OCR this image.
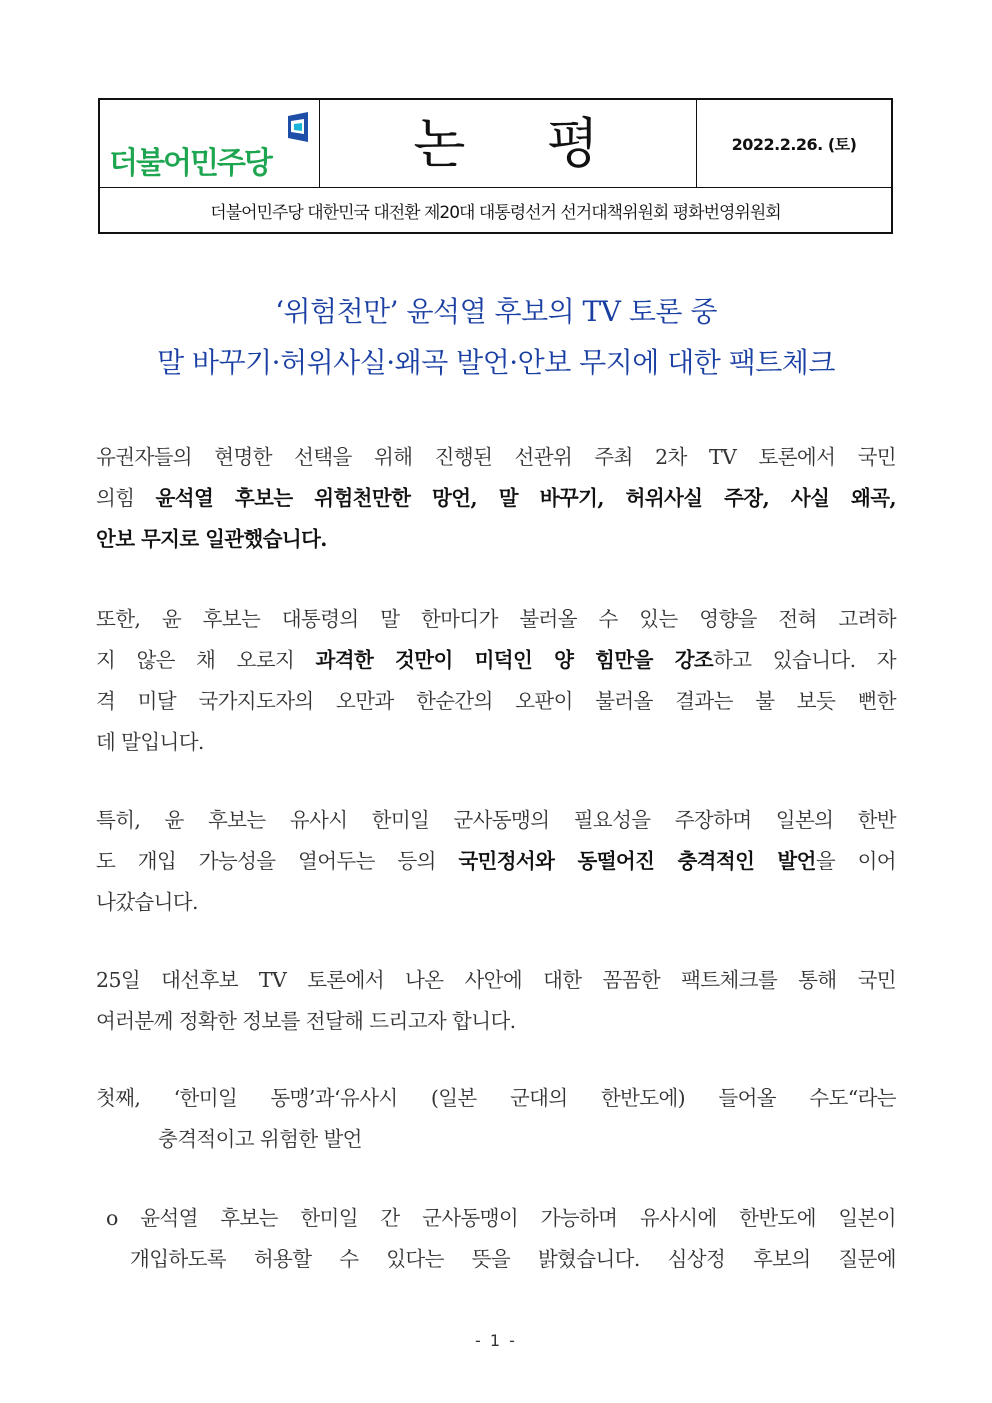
더불어민주당	논 평	2022.2.26. (토)
더불어민주당 대한민국 대전환 제20대 대통령선거 선거대책위원회 평화번영위원회
‘위험천만’ 윤석열 후보의 TV 토론 중
말 바꾸기·허위사실·왜곡 발언·안보 무지에 대한 팩트체크
유권자들의 현명한 선택을 위해 진행된 선관위 주최 2차 TV 토론에서 국민
의힘 윤석열 후보는 위험천만한 망언, 말 바꾸기, 허위사실 주장, 사실 왜곡,
안보 무지로 일관했습니다.
또한, 윤 후보는 대통령의 말 한마디가 불러올 수 있는 영향을 전혀 고려하
지 않은 채 오로지 과격한 것만이 미덕인 양 힘만을 강조하고 있습니다. 자
격 미달 국가지도자의 오만과 한순간의 오판이 불러올 결과는 불 보듯 뻔한
데 말입니다.
특히, 윤 후보는 유사시 한미일 군사동맹의 필요성을 주장하며 일본의 한반
도 개입 가능성을 열어두는 등의 국민정서와 동떨어진 충격적인 발언을 이어
나갔습니다.
25일 대선후보 TV 토론에서 나온 사안에 대한 꼼꼼한 팩트체크를 통해 국민
여러분께 정확한 정보를 전달해 드리고자 합니다.
첫째, ‘한미일 동맹’과‘유사시 (일본 군대의 한반도에) 들어올 수도“라는
충격적이고 위험한 발언
o 윤석열 후보는 한미일 간 군사동맹이 가능하며 유사시에 한반도에 일본이
개입하도록 허용할 수 있다는 뜻을 밝혔습니다. 심상정 후보의 질문에
- 1 -
